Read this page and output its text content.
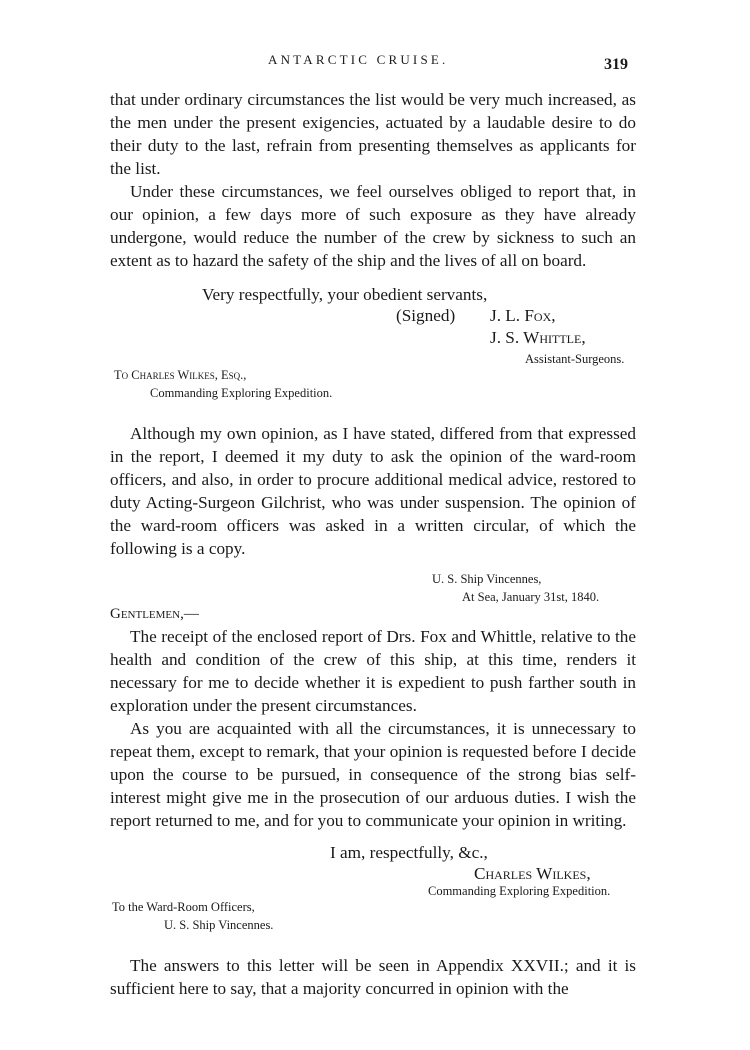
ANTARCTIC CRUISE.	319

that under ordinary circumstances the list would be very much increased, as the men under the present exigencies, actuated by a laudable desire to do their duty to the last, refrain from presenting themselves as applicants for the list.

Under these circumstances, we feel ourselves obliged to report that, in our opinion, a few days more of such exposure as they have already undergone, would reduce the number of the crew by sickness to such an extent as to hazard the safety of the ship and the lives of all on board.

Very respectfully, your obedient servants,
(Signed) J. L. Fox,
J. S. Whittle,
Assistant-Surgeons.
To Charles Wilkes, Esq.,
Commanding Exploring Expedition.

Although my own opinion, as I have stated, differed from that expressed in the report, I deemed it my duty to ask the opinion of the ward-room officers, and also, in order to procure additional medical advice, restored to duty Acting-Surgeon Gilchrist, who was under suspension. The opinion of the ward-room officers was asked in a written circular, of which the following is a copy.

U. S. Ship Vincennes,
At Sea, January 31st, 1840.
Gentlemen,—

The receipt of the enclosed report of Drs. Fox and Whittle, relative to the health and condition of the crew of this ship, at this time, renders it necessary for me to decide whether it is expedient to push farther south in exploration under the present circumstances.

As you are acquainted with all the circumstances, it is unnecessary to repeat them, except to remark, that your opinion is requested before I decide upon the course to be pursued, in consequence of the strong bias self-interest might give me in the prosecution of our arduous duties. I wish the report returned to me, and for you to communicate your opinion in writing.

I am, respectfully, &c.,
Charles Wilkes,
Commanding Exploring Expedition.
To the Ward-Room Officers,
U. S. Ship Vincennes.

The answers to this letter will be seen in Appendix XXVII.; and it is sufficient here to say, that a majority concurred in opinion with the
